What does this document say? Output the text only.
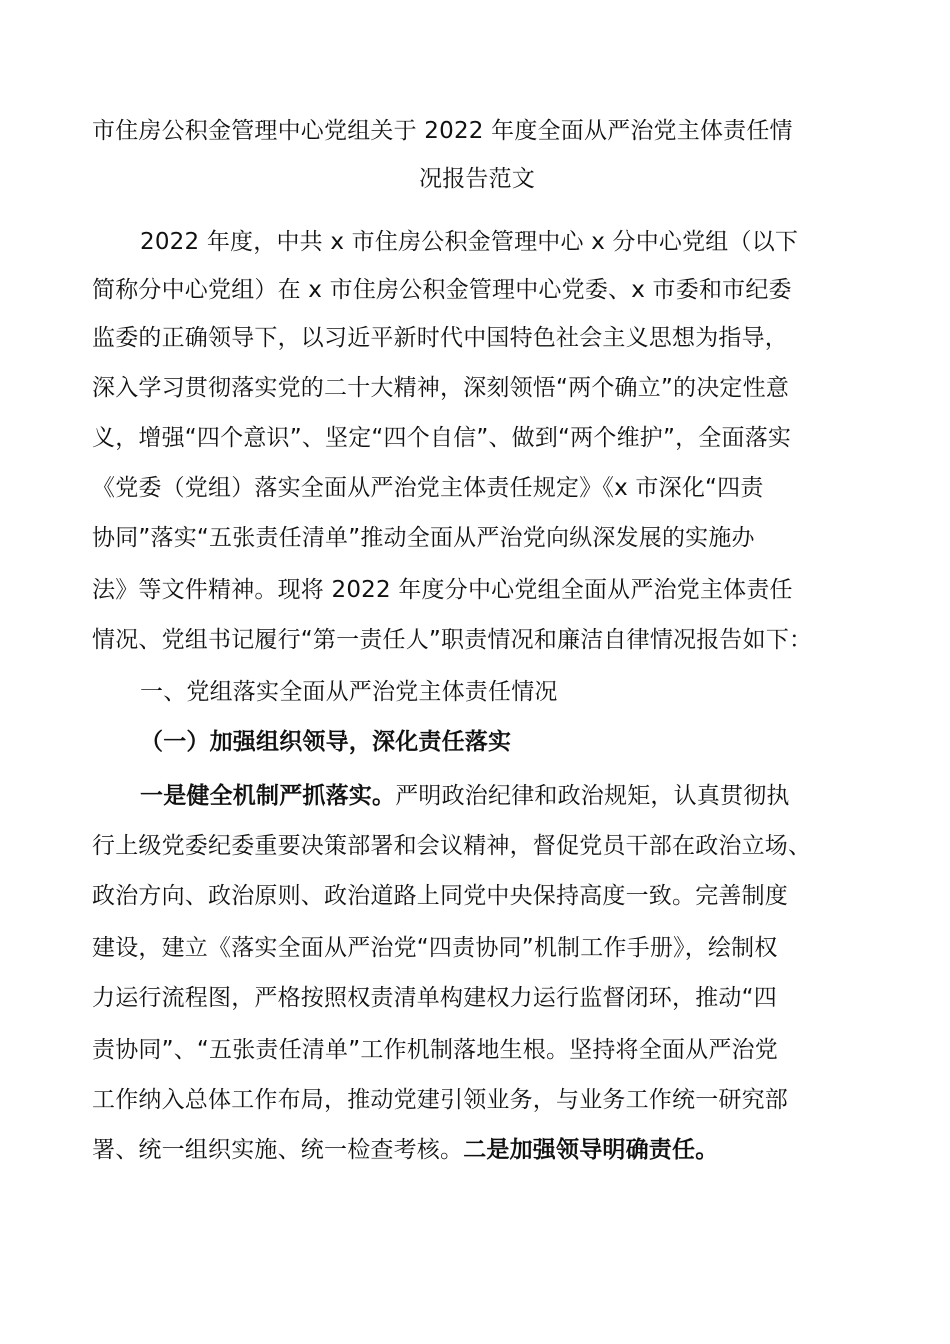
市住房公积金管理中心党组关于 2022 年度全面从严治党主体责任情
况报告范文
2022 年度，中共 x 市住房公积金管理中心 x 分中心党组（以下
简称分中心党组）在 x 市住房公积金管理中心党委、x 市委和市纪委
监委的正确领导下，以习近平新时代中国特色社会主义思想为指导，
深入学习贯彻落实党的二十大精神，深刻领悟“两个确立”的决定性意
义，增强“四个意识”、坚定“四个自信”、做到“两个维护”，全面落实
《党委（党组）落实全面从严治党主体责任规定》《x 市深化“四责
协同”落实“五张责任清单”推动全面从严治党向纵深发展的实施办
法》等文件精神。现将 2022 年度分中心党组全面从严治党主体责任
情况、党组书记履行“第一责任人”职责情况和廉洁自律情况报告如下：
一、党组落实全面从严治党主体责任情况
（一）加强组织领导，深化责任落实
一是健全机制严抓落实。严明政治纪律和政治规矩，认真贯彻执
行上级党委纪委重要决策部署和会议精神，督促党员干部在政治立场、
政治方向、政治原则、政治道路上同党中央保持高度一致。完善制度
建设，建立《落实全面从严治党“四责协同”机制工作手册》，绘制权
力运行流程图，严格按照权责清单构建权力运行监督闭环，推动“四
责协同”、“五张责任清单”工作机制落地生根。坚持将全面从严治党
工作纳入总体工作布局，推动党建引领业务，与业务工作统一研究部
署、统一组织实施、统一检查考核。二是加强领导明确责任。
